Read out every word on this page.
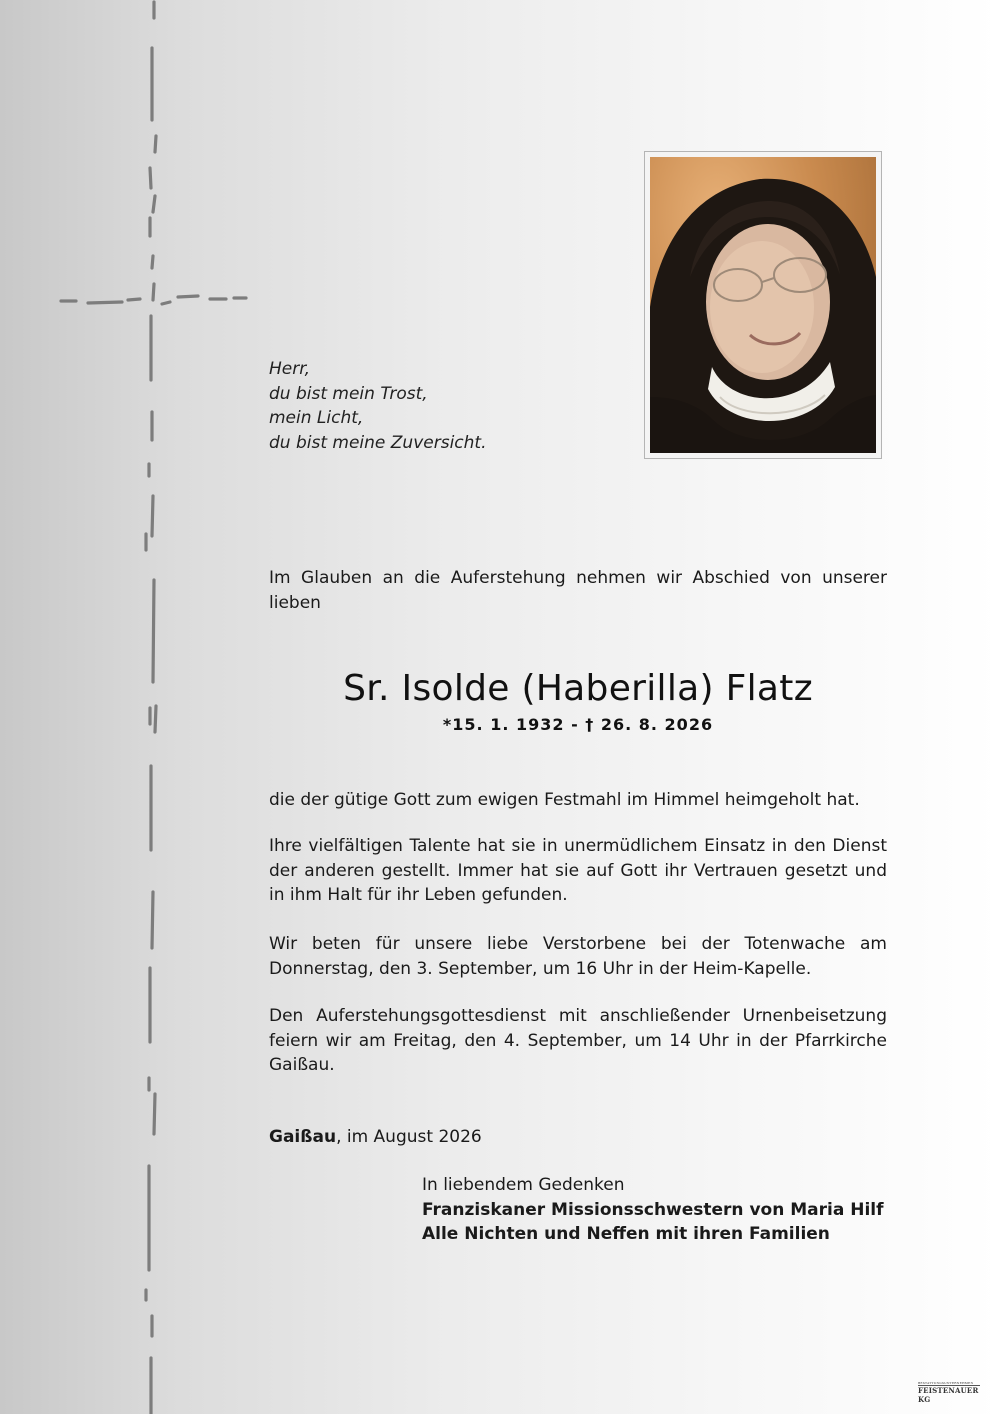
Herr,
du bist mein Trost,
mein Licht,
du bist meine Zuversicht.

Im Glauben an die Auferstehung nehmen wir Abschied von unserer lieben

Sr. Isolde (Haberilla) Flatz
*15. 1. 1932 - † 26. 8. 2026

die der gütige Gott zum ewigen Festmahl im Himmel heimgeholt hat.

Ihre vielfältigen Talente hat sie in unermüdlichem Einsatz in den Dienst der anderen gestellt. Immer hat sie auf Gott ihr Vertrauen gesetzt und in ihm Halt für ihr Leben gefunden.

Wir beten für unsere liebe Verstorbene bei der Totenwache am Donnerstag, den 3. September, um 16 Uhr in der Heim-Kapelle.

Den Auferstehungsgottesdienst mit anschließender Urnenbeisetzung feiern wir am Freitag, den 4. September, um 14 Uhr in der Pfarrkirche Gaißau.

Gaißau, im August 2026
In liebendem Gedenken
Franziskaner Missionsschwestern von Maria Hilf
Alle Nichten und Neffen mit ihren Familien
BESTATTUNGSUNTERNEHMEN
FEISTENAUER KG
